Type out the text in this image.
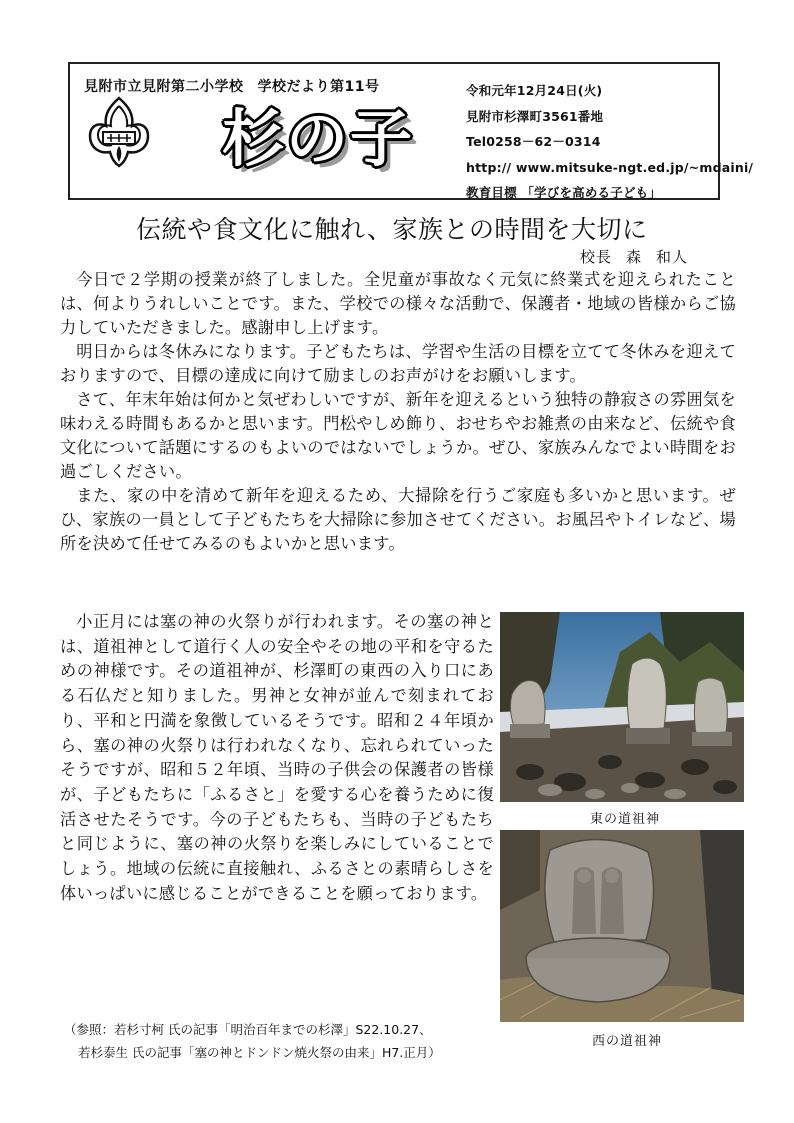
見附市立見附第二小学校 学校だより第11号
杉の子
令和元年12月24日(火)
見附市杉澤町3561番地
Tel0258－62－0314
http:// www.mitsuke-ngt.ed.jp/~mdaini/
教育目標 「学びを高める子ども」
伝統や食文化に触れ、家族との時間を大切に
校長 森 和人

今日で２学期の授業が終了しました。全児童が事故なく元気に終業式を迎えられたことは、何よりうれしいことです。また、学校での様々な活動で、保護者・地域の皆様からご協力していただきました。感謝申し上げます。

明日からは冬休みになります。子どもたちは、学習や生活の目標を立てて冬休みを迎えておりますので、目標の達成に向けて励ましのお声がけをお願いします。

さて、年末年始は何かと気ぜわしいですが、新年を迎えるという独特の静寂さの雰囲気を味わえる時間もあるかと思います。門松やしめ飾り、おせちやお雑煮の由来など、伝統や食文化について話題にするのもよいのではないでしょうか。ぜひ、家族みんなでよい時間をお過ごしください。

また、家の中を清めて新年を迎えるため、大掃除を行うご家庭も多いかと思います。ぜひ、家族の一員として子どもたちを大掃除に参加させてください。お風呂やトイレなど、場所を決めて任せてみるのもよいかと思います。

小正月には塞の神の火祭りが行われます。その塞の神とは、道祖神として道行く人の安全やその地の平和を守るための神様です。その道祖神が、杉澤町の東西の入り口にある石仏だと知りました。男神と女神が並んで刻まれており、平和と円満を象徴しているそうです。昭和２４年頃から、塞の神の火祭りは行われなくなり、忘れられていったそうですが、昭和５２年頃、当時の子供会の保護者の皆様が、子どもたちに「ふるさと」を愛する心を養うために復活させたそうです。今の子どもたちも、当時の子どもたちと同じように、塞の神の火祭りを楽しみにしていることでしょう。地域の伝統に直接触れ、ふるさとの素晴らしさを体いっぱいに感じることができることを願っております。
東の道祖神
西の道祖神
（参照：若杉寸柯 氏の記事「明治百年までの杉澤」S22.10.27、
若杉泰生 氏の記事「塞の神とドンドン焼火祭の由来」H7.正月）
